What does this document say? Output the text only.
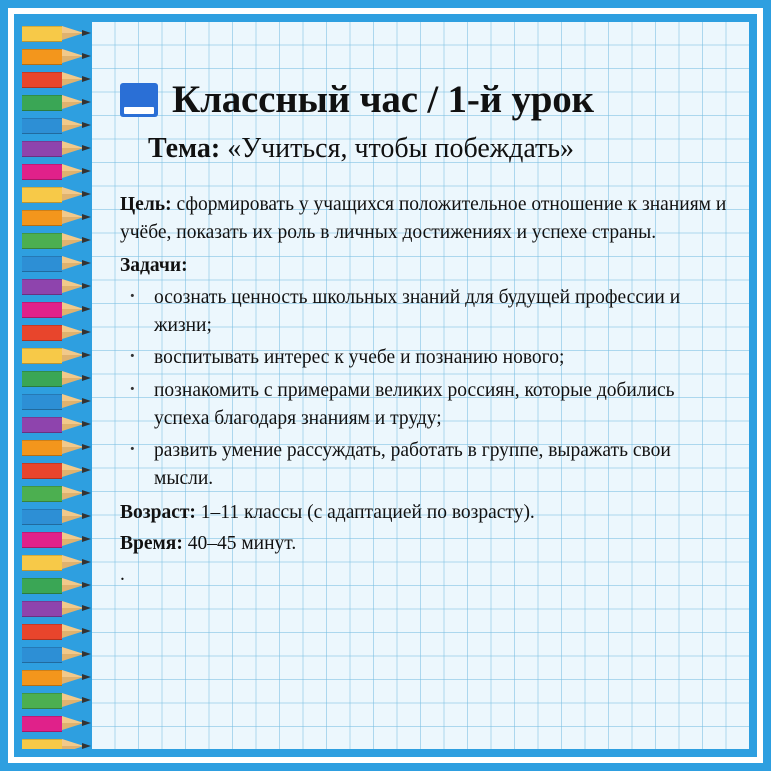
Классный час / 1-й урок
Тема: «Учиться, чтобы побеждать»

Цель: сформировать у учащихся положительное отношение к знаниям и учёбе, показать их роль в личных достижениях и успехе страны.

Задачи:
· осознать ценность школьных знаний для будущей профессии и жизни;
· воспитывать интерес к учебе и познанию нового;
· познакомить с примерами великих россиян, которые добились успеха благодаря знаниям и труду;
· развить умение рассуждать, работать в группе, выражать свои мысли.

Возраст: 1–11 классы (с адаптацией по возрасту).

Время: 40–45 минут.

.
